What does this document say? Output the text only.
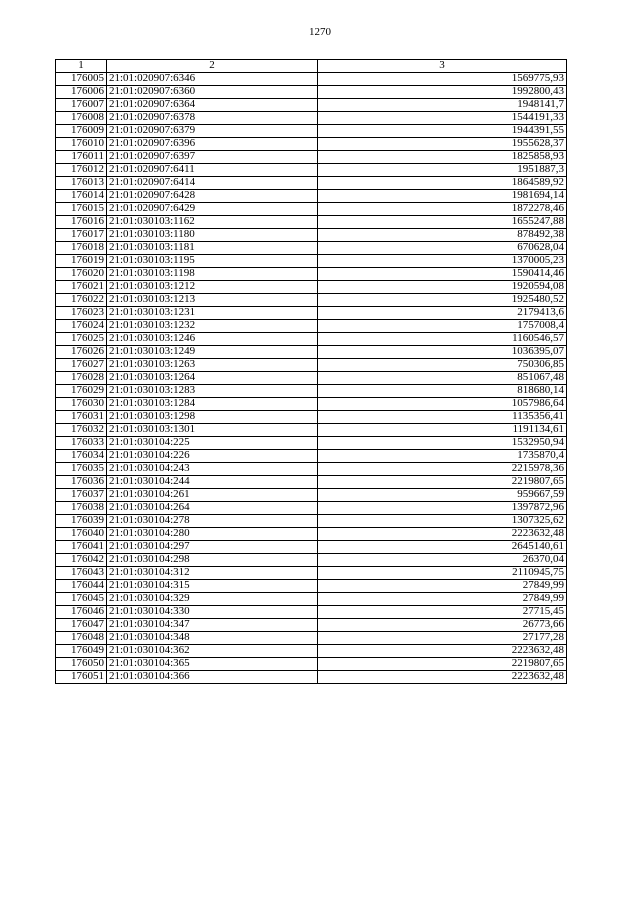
1270
1	2	3
176005	21:01:020907:6346	1569775,93
176006	21:01:020907:6360	1992800,43
176007	21:01:020907:6364	1948141,7
176008	21:01:020907:6378	1544191,33
176009	21:01:020907:6379	1944391,55
176010	21:01:020907:6396	1955628,37
176011	21:01:020907:6397	1825858,93
176012	21:01:020907:6411	1951887,3
176013	21:01:020907:6414	1864589,92
176014	21:01:020907:6428	1981694,14
176015	21:01:020907:6429	1872278,46
176016	21:01:030103:1162	1655247,88
176017	21:01:030103:1180	878492,38
176018	21:01:030103:1181	670628,04
176019	21:01:030103:1195	1370005,23
176020	21:01:030103:1198	1590414,46
176021	21:01:030103:1212	1920594,08
176022	21:01:030103:1213	1925480,52
176023	21:01:030103:1231	2179413,6
176024	21:01:030103:1232	1757008,4
176025	21:01:030103:1246	1160546,57
176026	21:01:030103:1249	1036395,07
176027	21:01:030103:1263	750306,85
176028	21:01:030103:1264	851067,48
176029	21:01:030103:1283	818680,14
176030	21:01:030103:1284	1057986,64
176031	21:01:030103:1298	1135356,41
176032	21:01:030103:1301	1191134,61
176033	21:01:030104:225	1532950,94
176034	21:01:030104:226	1735870,4
176035	21:01:030104:243	2215978,36
176036	21:01:030104:244	2219807,65
176037	21:01:030104:261	959667,59
176038	21:01:030104:264	1397872,96
176039	21:01:030104:278	1307325,62
176040	21:01:030104:280	2223632,48
176041	21:01:030104:297	2645140,61
176042	21:01:030104:298	26370,04
176043	21:01:030104:312	2110945,75
176044	21:01:030104:315	27849,99
176045	21:01:030104:329	27849,99
176046	21:01:030104:330	27715,45
176047	21:01:030104:347	26773,66
176048	21:01:030104:348	27177,28
176049	21:01:030104:362	2223632,48
176050	21:01:030104:365	2219807,65
176051	21:01:030104:366	2223632,48
